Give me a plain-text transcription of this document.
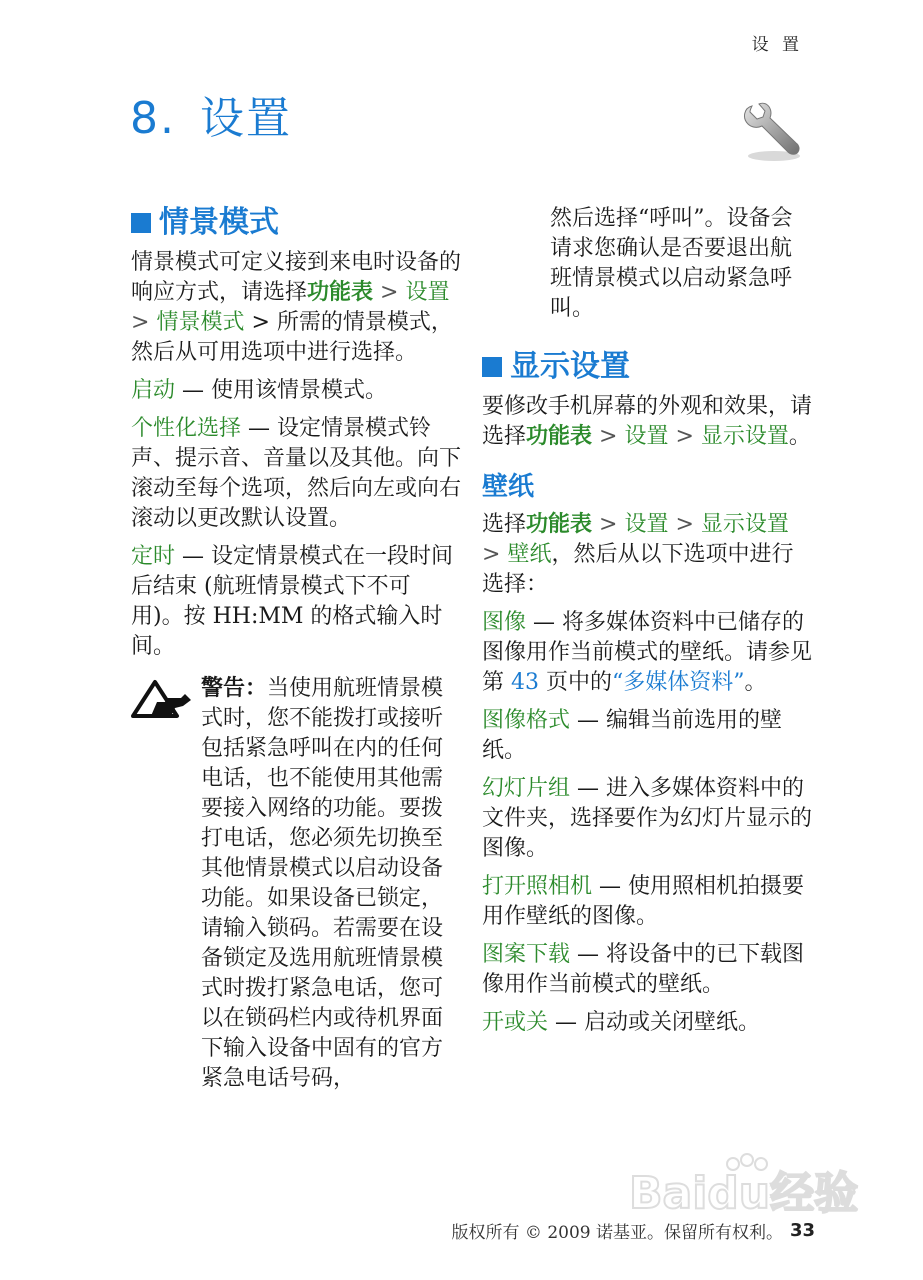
设 置
8. 设置
情景模式

情景模式可定义接到来电时设备的响应方式，请选择功能表 > 设置 > 情景模式 > 所需的情景模式，然后从可用选项中进行选择。

启动 — 使用该情景模式。

个性化选择 — 设定情景模式铃声、提示音、音量以及其他。向下滚动至每个选项，然后向左或向右滚动以更改默认设置。

定时 — 设定情景模式在一段时间后结束 (航班情景模式下不可用)。按 HH:MM 的格式输入时间。

警告：当使用航班情景模式时，您不能拨打或接听包括紧急呼叫在内的任何电话，也不能使用其他需要接入网络的功能。要拨打电话，您必须先切换至其他情景模式以启动设备功能。如果设备已锁定，请输入锁码。若需要在设备锁定及选用航班情景模式时拨打紧急电话，您可以在锁码栏内或待机界面下输入设备中固有的官方紧急电话号码，

然后选择“呼叫”。设备会请求您确认是否要退出航班情景模式以启动紧急呼叫。

显示设置

要修改手机屏幕的外观和效果，请选择功能表 > 设置 > 显示设置。

壁纸

选择功能表 > 设置 > 显示设置 > 壁纸，然后从以下选项中进行选择：

图像 — 将多媒体资料中已储存的图像用作当前模式的壁纸。请参见第 43 页中的“多媒体资料”。

图像格式 — 编辑当前选用的壁纸。

幻灯片组 — 进入多媒体资料中的文件夹，选择要作为幻灯片显示的图像。

打开照相机 — 使用照相机拍摄要用作壁纸的图像。

图案下载 — 将设备中的已下载图像用作当前模式的壁纸。

开或关 — 启动或关闭壁纸。

Baidu经验
版权所有 © 2009 诺基亚。保留所有权利。 33
